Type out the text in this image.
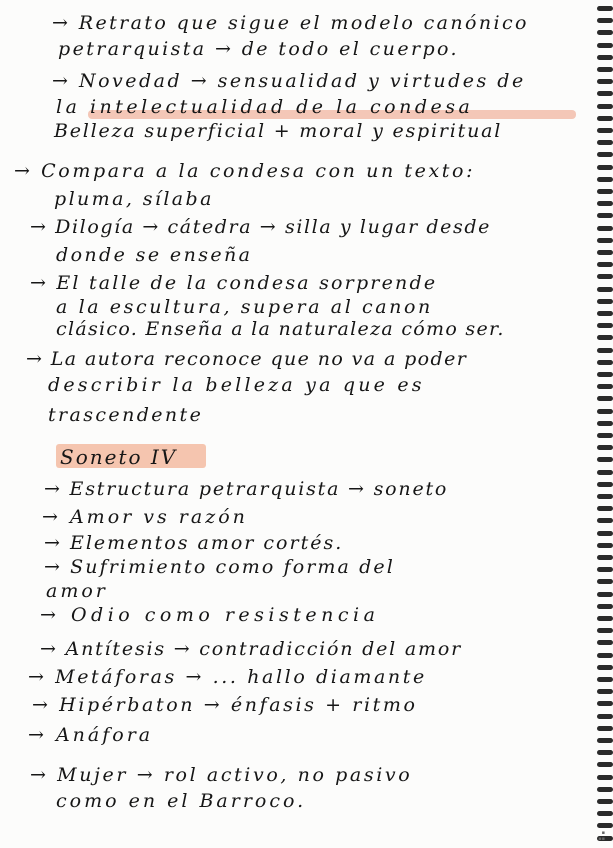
→ Retrato que sigue el modelo canónico
petrarquista → de todo el cuerpo.
→ Novedad → sensualidad y virtudes de
la intelectualidad de la condesa
Belleza superficial + moral y espiritual
→ Compara a la condesa con un texto:
pluma, sílaba
→ Dilogía → cátedra → silla y lugar desde
donde se enseña
→ El talle de la condesa sorprende
a la escultura, supera al canon
clásico. Enseña a la naturaleza cómo ser.
→ La autora reconoce que no va a poder
describir la belleza ya que es
trascendente
Soneto IV
→ Estructura petrarquista → soneto
→ Amor vs razón
→ Elementos amor cortés.
→ Sufrimiento como forma del
amor
→ Odio como resistencia
→ Antítesis → contradicción del amor
→ Metáforas → ... hallo diamante
→ Hipérbaton → énfasis + ritmo
→ Anáfora
→ Mujer → rol activo, no pasivo
como en el Barroco.
▪
▪▪
